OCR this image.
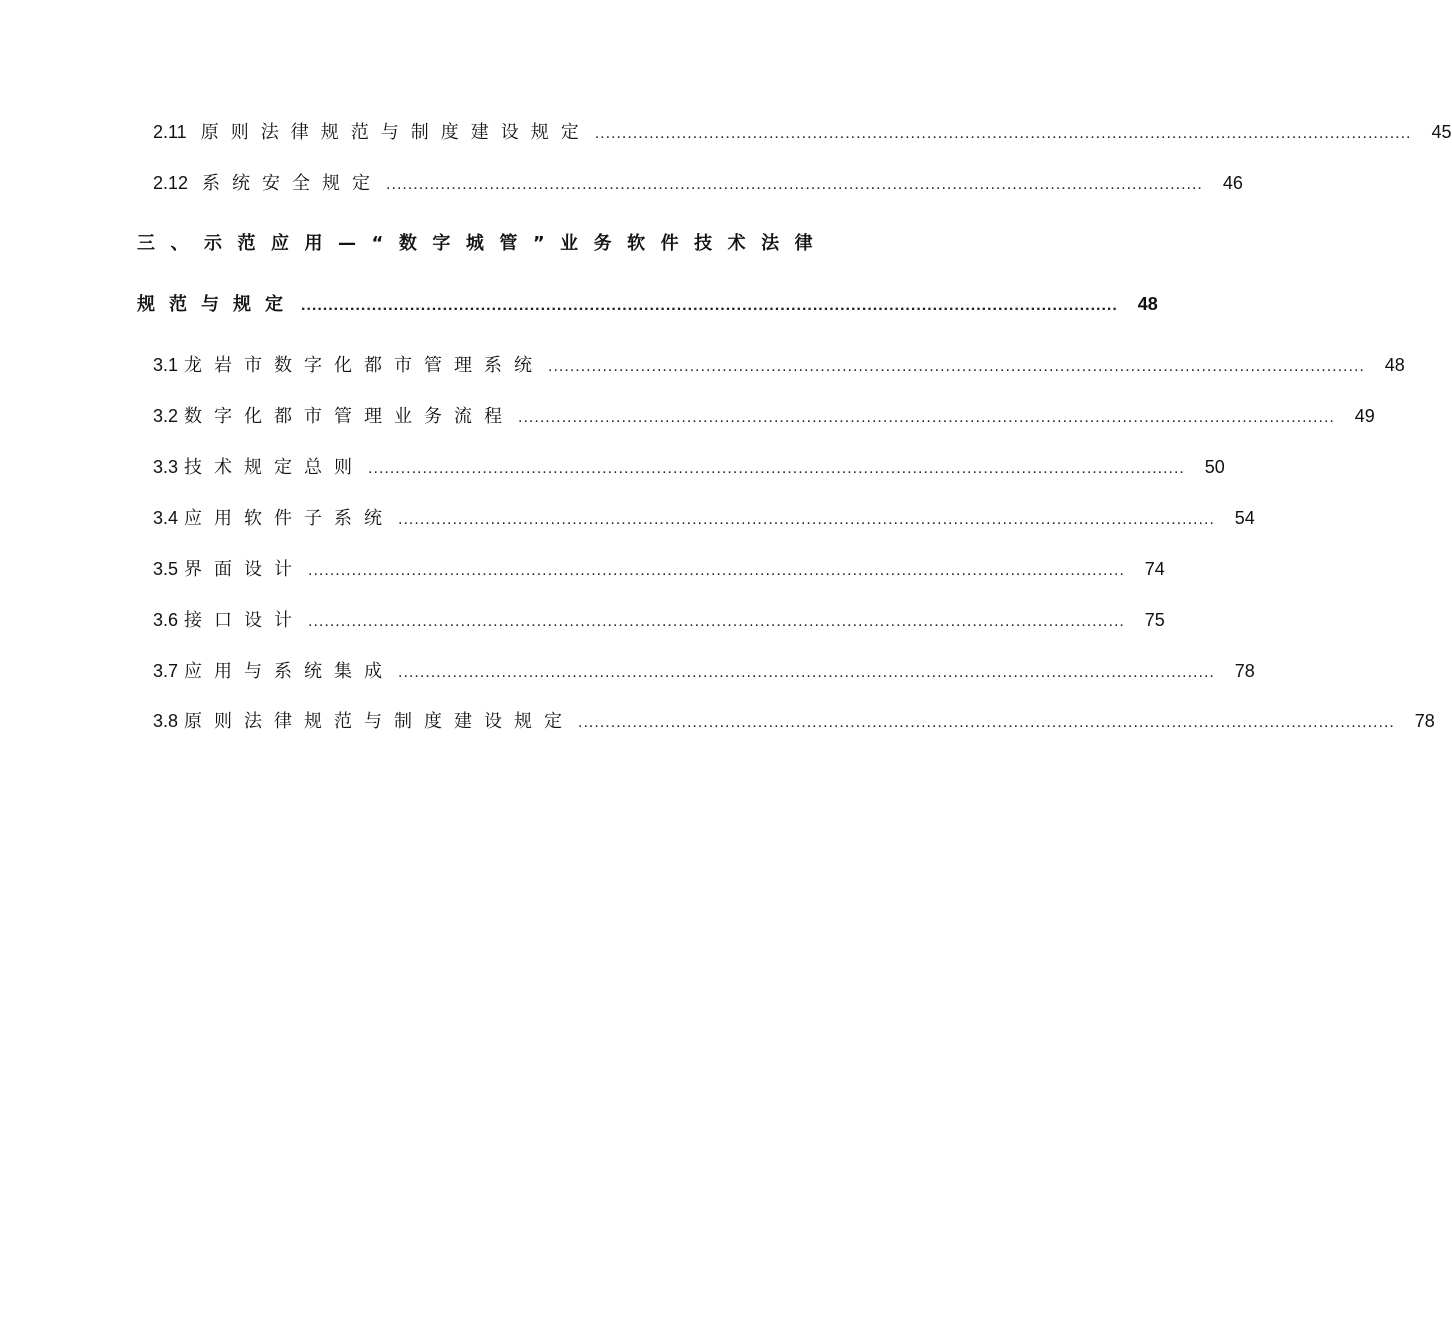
2.11 原则法律规范与制度建设规定 ......................................................................................................................................................	45
2.12 系统安全规定 ......................................................................................................................................................	46
三、示范应用—“数字城管”业务软件技术法律
规范与规定 ......................................................................................................................................................	48
3.1 龙岩市数字化都市管理系统 ......................................................................................................................................................	48
3.2 数字化都市管理业务流程 ......................................................................................................................................................	49
3.3 技术规定总则 ......................................................................................................................................................	50
3.4 应用软件子系统 ......................................................................................................................................................	54
3.5 界面设计 ......................................................................................................................................................	74
3.6 接口设计 ......................................................................................................................................................	75
3.7 应用与系统集成 ......................................................................................................................................................	78
3.8 原则法律规范与制度建设规定 ......................................................................................................................................................	78
